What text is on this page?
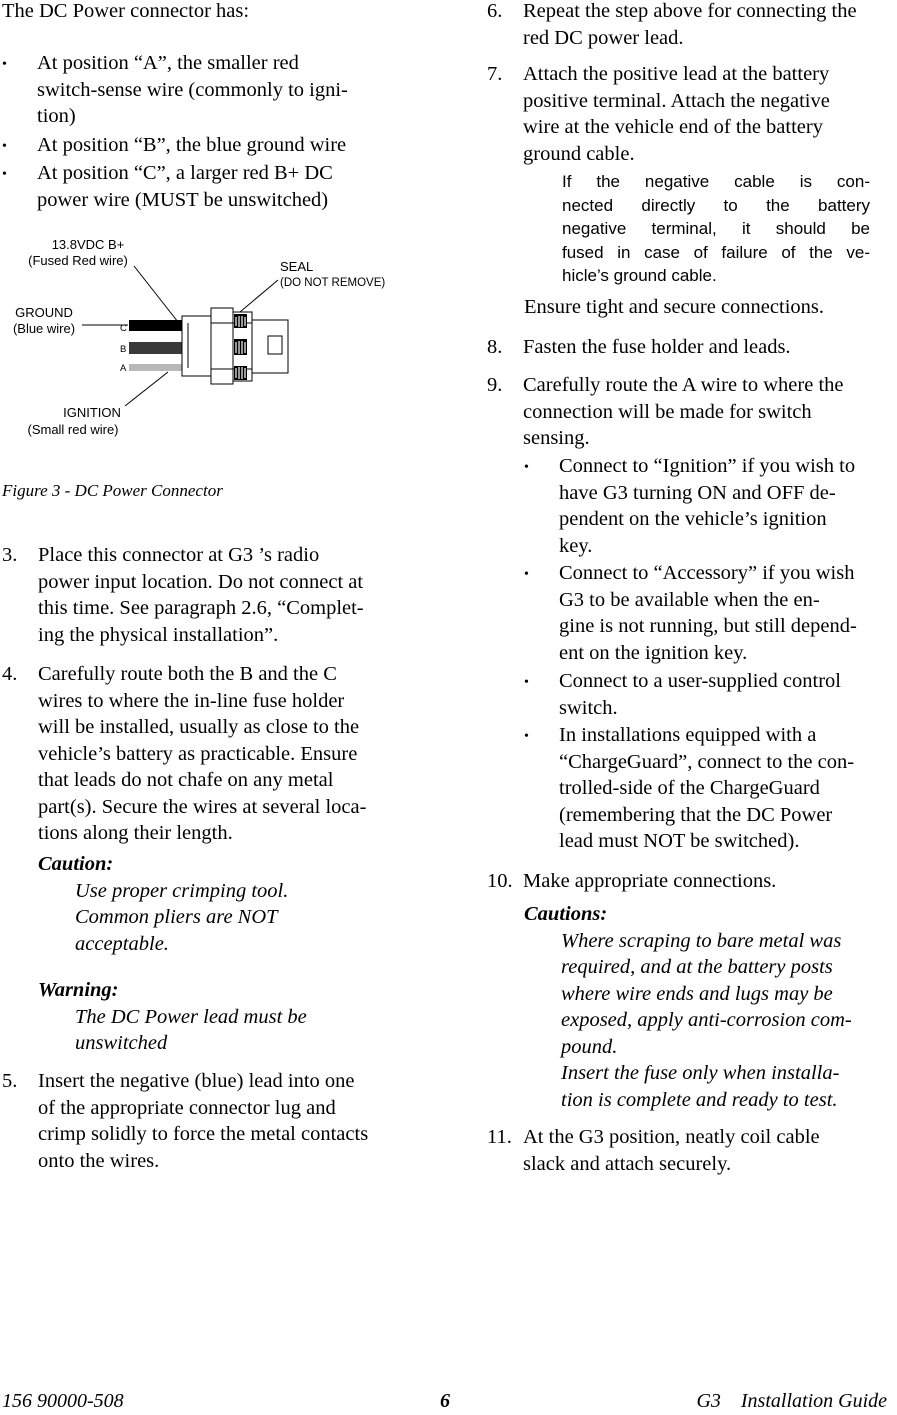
The DC Power connector has:

• At position “A”, the smaller red
switch-sense wire (commonly to igni-
tion)
• At position “B”, the blue ground wire
• At position “C”, a larger red B+ DC
power wire (MUST be unswitched)
13.8VDC B+
(Fused Red wire)	SEAL
(DO NOT REMOVE)
GROUND
(Blue wire)	C
B
A
IGNITION
(Small red wire)

Figure 3 - DC Power Connector

3. Place this connector at G3 ’s radio
power input location. Do not connect at
this time. See paragraph 2.6, “Complet-
ing the physical installation”.
4. Carefully route both the B and the C
wires to where the in-line fuse holder
will be installed, usually as close to the
vehicle’s battery as practicable. Ensure
that leads do not chafe on any metal
part(s). Secure the wires at several loca-
tions along their length.
Caution:
Use proper crimping tool.
Common pliers are NOT
acceptable.
Warning:
The DC Power lead must be
unswitched
5. Insert the negative (blue) lead into one
of the appropriate connector lug and
crimp solidly to force the metal contacts
onto the wires.
6. Repeat the step above for connecting the
red DC power lead.
7. Attach the positive lead at the battery
positive terminal. Attach the negative
wire at the vehicle end of the battery
ground cable.
If the negative cable is con-
nected directly to the battery
negative terminal, it should be
fused in case of failure of the ve-
hicle’s ground cable.

Ensure tight and secure connections.

8. Fasten the fuse holder and leads.
9. Carefully route the A wire to where the
connection will be made for switch
sensing.
• Connect to “Ignition” if you wish to
have G3 turning ON and OFF de-
pendent on the vehicle’s ignition
key.
• Connect to “Accessory” if you wish
G3 to be available when the en-
gine is not running, but still depend-
ent on the ignition key.
• Connect to a user-supplied control
switch.
• In installations equipped with a
“ChargeGuard”, connect to the con-
trolled-side of the ChargeGuard
(remembering that the DC Power
lead must NOT be switched).
10. Make appropriate connections.
Cautions:
Where scraping to bare metal was
required, and at the battery posts
where wire ends and lugs may be
exposed, apply anti-corrosion com-
pound.
Insert the fuse only when installa-
tion is complete and ready to test.
11. At the G3 position, neatly coil cable
slack and attach securely.
156 90000-508	6	G3    Installation Guide
